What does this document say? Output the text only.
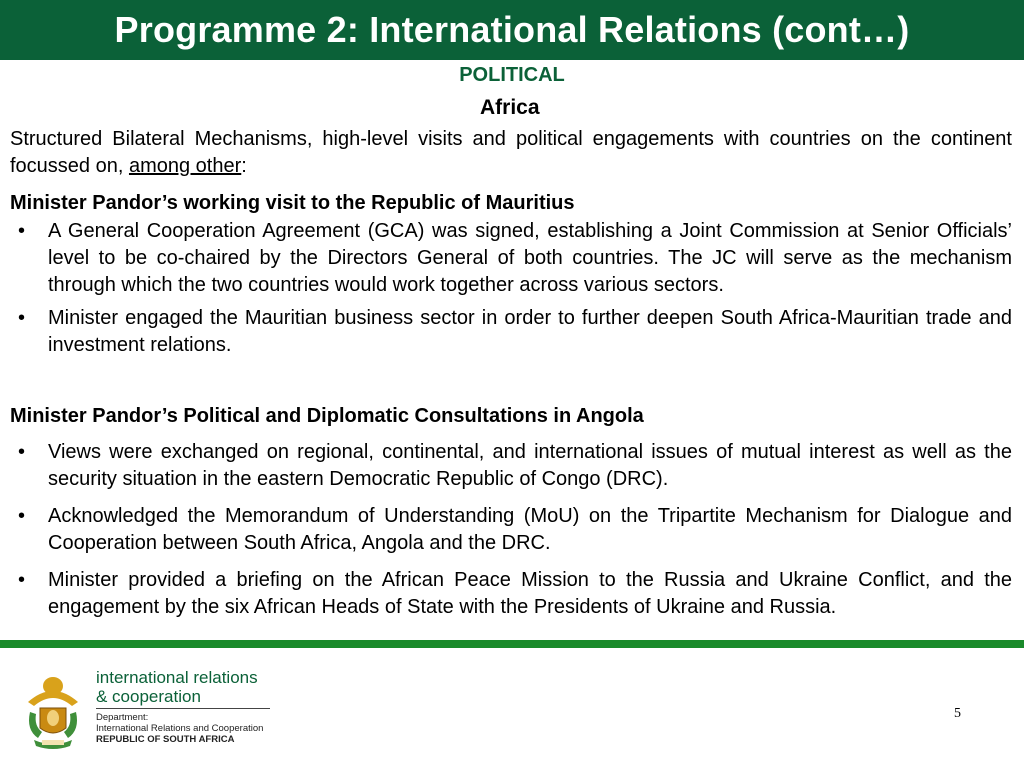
Programme 2: International Relations (cont…)
POLITICAL
Africa
Structured Bilateral Mechanisms, high-level visits and political engagements with countries on the continent focussed on, among other:
Minister Pandor’s working visit to the Republic of Mauritius
• A General Cooperation Agreement (GCA) was signed, establishing a Joint Commission at Senior Officials’ level to be co-chaired by the Directors General of both countries. The JC will serve as the mechanism through which the two countries would work together across various sectors.
• Minister engaged the Mauritian business sector in order to further deepen South Africa-Mauritian trade and investment relations.
Minister Pandor’s Political and Diplomatic Consultations in Angola
• Views were exchanged on regional, continental, and international issues of mutual interest as well as the security situation in the eastern Democratic Republic of Congo (DRC).
• Acknowledged the Memorandum of Understanding (MoU) on the Tripartite Mechanism for Dialogue and Cooperation between South Africa, Angola and the DRC.
• Minister provided a briefing on the African Peace Mission to the Russia and Ukraine Conflict, and the engagement by the six African Heads of State with the Presidents of Ukraine and Russia.
international relations
& cooperation
Department:
International Relations and Cooperation
REPUBLIC OF SOUTH AFRICA
5
